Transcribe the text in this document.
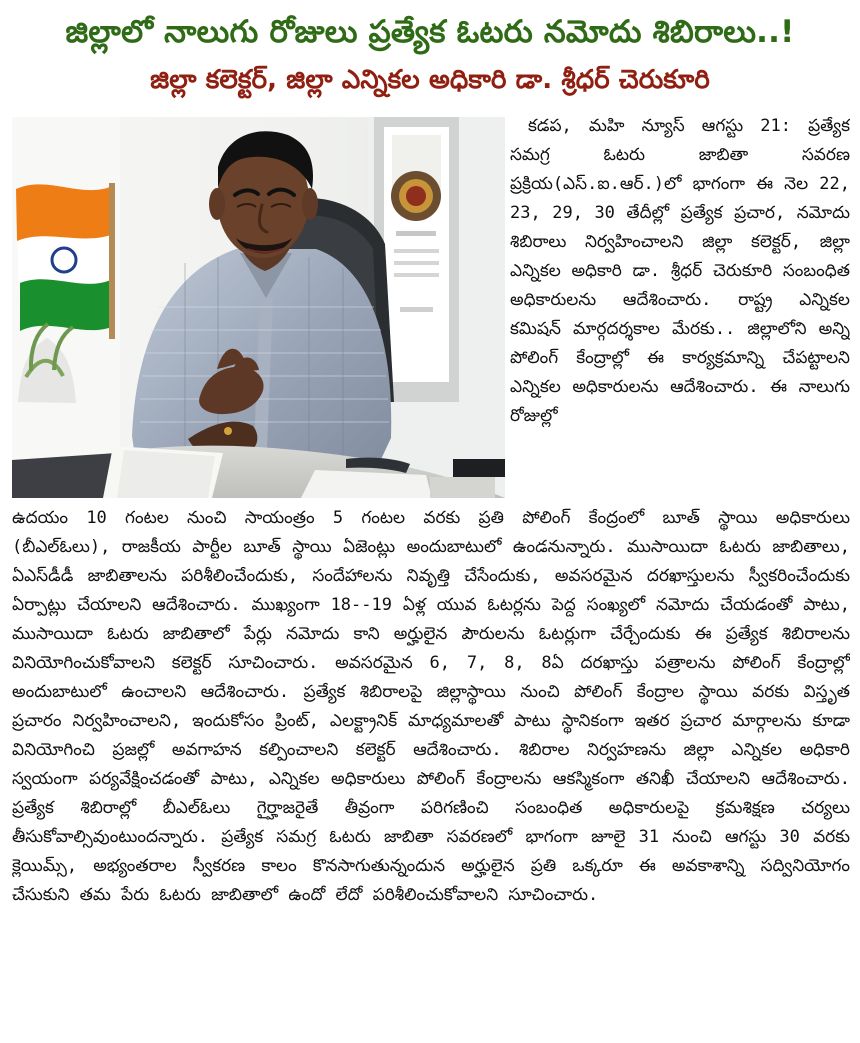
జిల్లాలో నాలుగు రోజులు ప్రత్యేక ఓటరు నమోదు శిబిరాలు..!
జిల్లా కలెక్టర్, జిల్లా ఎన్నికల అధికారి డా. శ్రీధర్ చెరుకూరి
కడప, మహి న్యూస్ ఆగస్టు 21: ప్రత్యేక సమగ్ర ఓటరు జాబితా సవరణ ప్రక్రియ(ఎస్.ఐ.ఆర్.)లో భాగంగా ఈ నెల 22, 23, 29, 30 తేదీల్లో ప్రత్యేక ప్రచార, నమోదు శిబిరాలు నిర్వహించాలని జిల్లా కలెక్టర్, జిల్లా ఎన్నికల అధికారి డా. శ్రీధర్ చెరుకూరి సంబంధిత అధికారులను ఆదేశించారు. రాష్ట్ర ఎన్నికల కమిషన్ మార్గదర్శకాల మేరకు.. జిల్లాలోని అన్ని పోలింగ్ కేంద్రాల్లో ఈ కార్యక్రమాన్ని చేపట్టాలని ఎన్నికల అధికారులను ఆదేశించారు. ఈ నాలుగు రోజుల్లో
ఉదయం 10 గంటల నుంచి సాయంత్రం 5 గంటల వరకు ప్రతి పోలింగ్ కేంద్రంలో బూత్ స్థాయి అధికారులు (బీఎల్ఓలు), రాజకీయ పార్టీల బూత్ స్థాయి ఏజెంట్లు అందుబాటులో ఉండనున్నారు. ముసాయిదా ఓటరు జాబితాలు, ఏఎస్‌డీడీ జాబితాలను పరిశీలించేందుకు, సందేహాలను నివృత్తి చేసేందుకు, అవసరమైన దరఖాస్తులను స్వీకరించేందుకు ఏర్పాట్లు చేయాలని ఆదేశించారు. ముఖ్యంగా 18--19 ఏళ్ల యువ ఓటర్లను పెద్ద సంఖ్యలో నమోదు చేయడంతో పాటు, ముసాయిదా ఓటరు జాబితాలో పేర్లు నమోదు కాని అర్హులైన పౌరులను ఓటర్లుగా చేర్చేందుకు ఈ ప్రత్యేక శిబిరాలను వినియోగించుకోవాలని కలెక్టర్ సూచించారు. అవసరమైన 6, 7, 8, 8ఏ దరఖాస్తు పత్రాలను పోలింగ్ కేంద్రాల్లో అందుబాటులో ఉంచాలని ఆదేశించారు. ప్రత్యేక శిబిరాలపై జిల్లాస్థాయి నుంచి పోలింగ్ కేంద్రాల స్థాయి వరకు విస్తృత ప్రచారం నిర్వహించాలని, ఇందుకోసం ప్రింట్, ఎలక్ట్రానిక్ మాధ్యమాలతో పాటు స్థానికంగా ఇతర ప్రచార మార్గాలను కూడా వినియోగించి ప్రజల్లో అవగాహన కల్పించాలని కలెక్టర్ ఆదేశించారు. శిబిరాల నిర్వహణను జిల్లా ఎన్నికల అధికారి స్వయంగా పర్యవేక్షించడంతో పాటు, ఎన్నికల అధికారులు పోలింగ్ కేంద్రాలను ఆకస్మికంగా తనిఖీ చేయాలని ఆదేశించారు. ప్రత్యేక శిబిరాల్లో బీఎల్ఓలు గైర్హాజరైతే తీవ్రంగా పరిగణించి సంబంధిత అధికారులపై క్రమశిక్షణ చర్యలు తీసుకోవాల్సివుంటుందన్నారు. ప్రత్యేక సమగ్ర ఓటరు జాబితా సవరణలో భాగంగా జూలై 31 నుంచి ఆగస్టు 30 వరకు క్లెయిమ్స్, అభ్యంతరాల స్వీకరణ కాలం కొనసాగుతున్నందున అర్హులైన ప్రతి ఒక్కరూ ఈ అవకాశాన్ని సద్వినియోగం చేసుకుని తమ పేరు ఓటరు జాబితాలో ఉందో లేదో పరిశీలించుకోవాలని సూచించారు.
